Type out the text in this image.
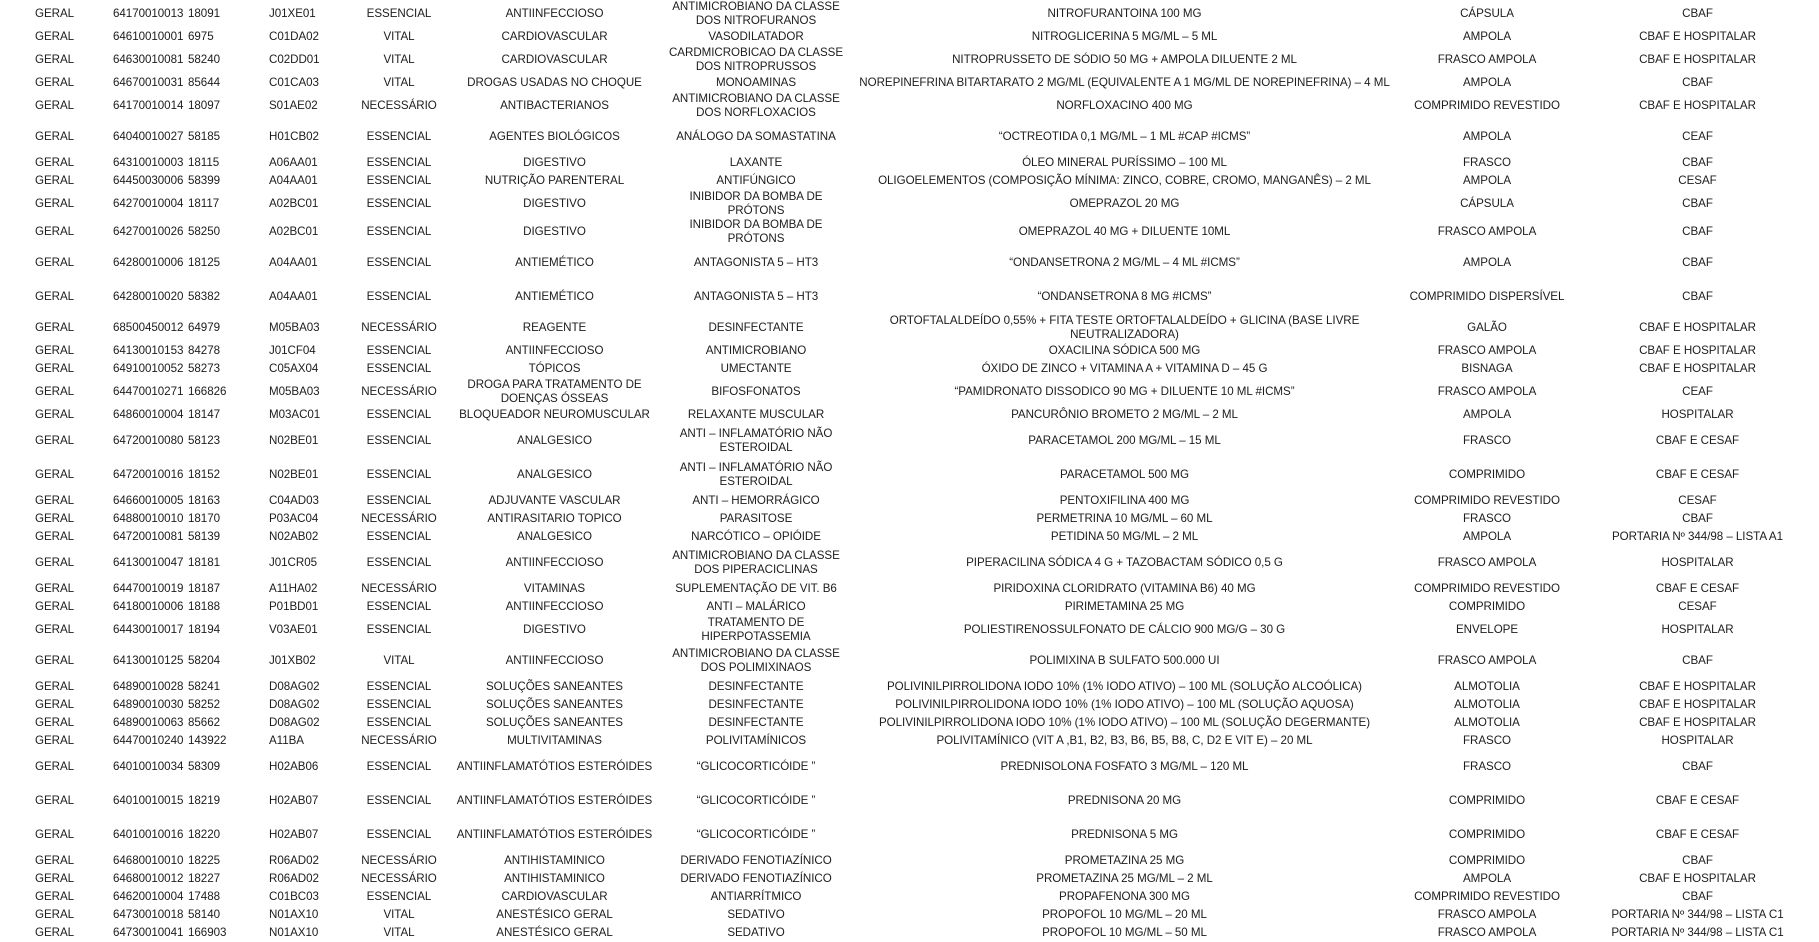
GERAL	64170010013	18091	J01XE01	ESSENCIAL	ANTIINFECCIOSO	ANTIMICROBIANO DA CLASSE DOS NITROFURANOS	NITROFURANTOINA 100 MG	CÁPSULA	CBAF
GERAL	64610010001	6975	C01DA02	VITAL	CARDIOVASCULAR	VASODILATADOR	NITROGLICERINA 5 MG/ML – 5 ML	AMPOLA	CBAF E HOSPITALAR
GERAL	64630010081	58240	C02DD01	VITAL	CARDIOVASCULAR	CARDMICROBICAO DA CLASSE DOS NITROPRUSSOS	NITROPRUSSETO DE SÓDIO 50 MG + AMPOLA DILUENTE 2 ML	FRASCO AMPOLA	CBAF E HOSPITALAR
GERAL	64670010031	85644	C01CA03	VITAL	DROGAS USADAS NO CHOQUE	MONOAMINAS	NOREPINEFRINA BITARTARATO 2 MG/ML (EQUIVALENTE A 1 MG/ML DE NOREPINEFRINA) – 4 ML	AMPOLA	CBAF
GERAL	64170010014	18097	S01AE02	NECESSÁRIO	ANTIBACTERIANOS	ANTIMICROBIANO DA CLASSE DOS NORFLOXACIOS	NORFLOXACINO 400 MG	COMPRIMIDO REVESTIDO	CBAF E HOSPITALAR
GERAL	64040010027	58185	H01CB02	ESSENCIAL	AGENTES BIOLÓGICOS	ANÁLOGO DA SOMASTATINA	“OCTREOTIDA 0,1 MG/ML – 1 ML #CAP #ICMS”	AMPOLA	CEAF
GERAL	64310010003	18115	A06AA01	ESSENCIAL	DIGESTIVO	LAXANTE	ÓLEO MINERAL PURÍSSIMO – 100 ML	FRASCO	CBAF
GERAL	64450030006	58399	A04AA01	ESSENCIAL	NUTRIÇÃO PARENTERAL	ANTIFÚNGICO	OLIGOELEMENTOS (COMPOSIÇÃO MÍNIMA: ZINCO, COBRE, CROMO, MANGANÊS) – 2 ML	AMPOLA	CESAF
GERAL	64270010004	18117	A02BC01	ESSENCIAL	DIGESTIVO	INIBIDOR DA BOMBA DE PRÓTONS	OMEPRAZOL 20 MG	CÁPSULA	CBAF
GERAL	64270010026	58250	A02BC01	ESSENCIAL	DIGESTIVO	INIBIDOR DA BOMBA DE PRÓTONS	OMEPRAZOL 40 MG + DILUENTE 10ML	FRASCO AMPOLA	CBAF
GERAL	64280010006	18125	A04AA01	ESSENCIAL	ANTIEMÉTICO	ANTAGONISTA 5 – HT3	“ONDANSETRONA 2 MG/ML – 4 ML #ICMS”	AMPOLA	CBAF
GERAL	64280010020	58382	A04AA01	ESSENCIAL	ANTIEMÉTICO	ANTAGONISTA 5 – HT3	“ONDANSETRONA 8 MG #ICMS”	COMPRIMIDO DISPERSÍVEL	CBAF
GERAL	68500450012	64979	M05BA03	NECESSÁRIO	REAGENTE	DESINFECTANTE	ORTOFTALALDEÍDO 0,55% + FITA TESTE ORTOFTALALDEÍDO + GLICINA (BASE LIVRE NEUTRALIZADORA)	GALÃO	CBAF E HOSPITALAR
GERAL	64130010153	84278	J01CF04	ESSENCIAL	ANTIINFECCIOSO	ANTIMICROBIANO	OXACILINA SÓDICA 500 MG	FRASCO AMPOLA	CBAF E HOSPITALAR
GERAL	64910010052	58273	C05AX04	ESSENCIAL	TÓPICOS	UMECTANTE	ÓXIDO DE ZINCO + VITAMINA A + VITAMINA D – 45 G	BISNAGA	CBAF E HOSPITALAR
GERAL	64470010271	166826	M05BA03	NECESSÁRIO	DROGA PARA TRATAMENTO DE DOENÇAS ÓSSEAS	BIFOSFONATOS	“PAMIDRONATO DISSODICO 90 MG + DILUENTE 10 ML #ICMS”	FRASCO AMPOLA	CEAF
GERAL	64860010004	18147	M03AC01	ESSENCIAL	BLOQUEADOR NEUROMUSCULAR	RELAXANTE MUSCULAR	PANCURÔNIO BROMETO 2 MG/ML – 2 ML	AMPOLA	HOSPITALAR
GERAL	64720010080	58123	N02BE01	ESSENCIAL	ANALGESICO	ANTI – INFLAMATÓRIO NÃO ESTEROIDAL	PARACETAMOL 200 MG/ML – 15 ML	FRASCO	CBAF E CESAF
GERAL	64720010016	18152	N02BE01	ESSENCIAL	ANALGESICO	ANTI – INFLAMATÓRIO NÃO ESTEROIDAL	PARACETAMOL 500 MG	COMPRIMIDO	CBAF E CESAF
GERAL	64660010005	18163	C04AD03	ESSENCIAL	ADJUVANTE VASCULAR	ANTI – HEMORRÁGICO	PENTOXIFILINA 400 MG	COMPRIMIDO REVESTIDO	CESAF
GERAL	64880010010	18170	P03AC04	NECESSÁRIO	ANTIRASITARIO TOPICO	PARASITOSE	PERMETRINA 10 MG/ML – 60 ML	FRASCO	CBAF
GERAL	64720010081	58139	N02AB02	ESSENCIAL	ANALGESICO	NARCÓTICO – OPIÓIDE	PETIDINA 50 MG/ML – 2 ML	AMPOLA	PORTARIA Nº 344/98 – LISTA A1
GERAL	64130010047	18181	J01CR05	ESSENCIAL	ANTIINFECCIOSO	ANTIMICROBIANO DA CLASSE DOS PIPERACICLINAS	PIPERACILINA SÓDICA 4 G + TAZOBACTAM SÓDICO 0,5 G	FRASCO AMPOLA	HOSPITALAR
GERAL	64470010019	18187	A11HA02	NECESSÁRIO	VITAMINAS	SUPLEMENTAÇÃO DE VIT. B6	PIRIDOXINA CLORIDRATO (VITAMINA B6) 40 MG	COMPRIMIDO REVESTIDO	CBAF E CESAF
GERAL	64180010006	18188	P01BD01	ESSENCIAL	ANTIINFECCIOSO	ANTI – MALÁRICO	PIRIMETAMINA 25 MG	COMPRIMIDO	CESAF
GERAL	64430010017	18194	V03AE01	ESSENCIAL	DIGESTIVO	TRATAMENTO DE HIPERPOTASSEMIA	POLIESTIRENOSSULFONATO DE CÁLCIO 900 MG/G – 30 G	ENVELOPE	HOSPITALAR
GERAL	64130010125	58204	J01XB02	VITAL	ANTIINFECCIOSO	ANTIMICROBIANO DA CLASSE DOS POLIMIXINAOS	POLIMIXINA B SULFATO 500.000 UI	FRASCO AMPOLA	CBAF
GERAL	64890010028	58241	D08AG02	ESSENCIAL	SOLUÇÕES SANEANTES	DESINFECTANTE	POLIVINILPIRROLIDONA IODO 10% (1% IODO ATIVO) – 100 ML (SOLUÇÃO ALCOÓLICA)	ALMOTOLIA	CBAF E HOSPITALAR
GERAL	64890010030	58252	D08AG02	ESSENCIAL	SOLUÇÕES SANEANTES	DESINFECTANTE	POLIVINILPIRROLIDONA IODO 10% (1% IODO ATIVO) – 100 ML (SOLUÇÃO AQUOSA)	ALMOTOLIA	CBAF E HOSPITALAR
GERAL	64890010063	85662	D08AG02	ESSENCIAL	SOLUÇÕES SANEANTES	DESINFECTANTE	POLIVINILPIRROLIDONA IODO 10% (1% IODO ATIVO) – 100 ML (SOLUÇÃO DEGERMANTE)	ALMOTOLIA	CBAF E HOSPITALAR
GERAL	64470010240	143922	A11BA	NECESSÁRIO	MULTIVITAMINAS	POLIVITAMÍNICOS	POLIVITAMÍNICO (VIT A ,B1, B2, B3, B6, B5, B8, C, D2 E VIT E) – 20 ML	FRASCO	HOSPITALAR
GERAL	64010010034	58309	H02AB06	ESSENCIAL	ANTIINFLAMATÓTIOS ESTERÓIDES	“GLICOCORTICÓIDE ”	PREDNISOLONA FOSFATO 3 MG/ML – 120 ML	FRASCO	CBAF
GERAL	64010010015	18219	H02AB07	ESSENCIAL	ANTIINFLAMATÓTIOS ESTERÓIDES	“GLICOCORTICÓIDE ”	PREDNISONA 20 MG	COMPRIMIDO	CBAF E CESAF
GERAL	64010010016	18220	H02AB07	ESSENCIAL	ANTIINFLAMATÓTIOS ESTERÓIDES	“GLICOCORTICÓIDE ”	PREDNISONA 5 MG	COMPRIMIDO	CBAF E CESAF
GERAL	64680010010	18225	R06AD02	NECESSÁRIO	ANTIHISTAMINICO	DERIVADO FENOTIAZÍNICO	PROMETAZINA 25 MG	COMPRIMIDO	CBAF
GERAL	64680010012	18227	R06AD02	NECESSÁRIO	ANTIHISTAMINICO	DERIVADO FENOTIAZÍNICO	PROMETAZINA 25 MG/ML – 2 ML	AMPOLA	CBAF E HOSPITALAR
GERAL	64620010004	17488	C01BC03	ESSENCIAL	CARDIOVASCULAR	ANTIARRÍTMICO	PROPAFENONA 300 MG	COMPRIMIDO REVESTIDO	CBAF
GERAL	64730010018	58140	N01AX10	VITAL	ANESTÉSICO GERAL	SEDATIVO	PROPOFOL 10 MG/ML – 20 ML	FRASCO AMPOLA	PORTARIA Nº 344/98 – LISTA C1
GERAL	64730010041	166903	N01AX10	VITAL	ANESTÉSICO GERAL	SEDATIVO	PROPOFOL 10 MG/ML – 50 ML	FRASCO AMPOLA	PORTARIA Nº 344/98 – LISTA C1
